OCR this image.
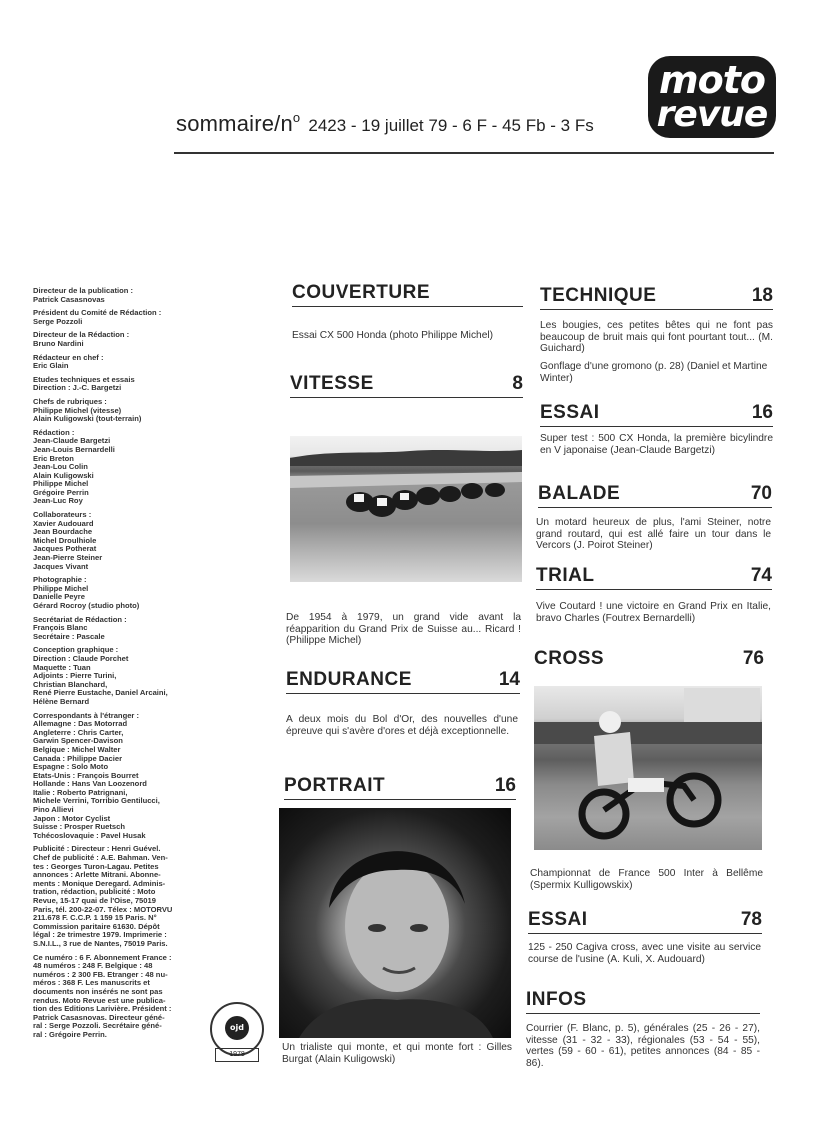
moto
revue
sommaire/$n^o$ 2423 - 19 juillet 79 - 6 F - 45 Fb - 3 Fs
Directeur de la publication :
Patrick Casasnovas
Président du Comité de Rédaction :
Serge Pozzoli
Directeur de la Rédaction :
Bruno Nardini
Rédacteur en chef :
Eric Glain
Etudes techniques et essais
Direction : J.-C. Bargetzi
Chefs de rubriques :
Philippe Michel (vitesse)
Alain Kuligowski (tout-terrain)
Rédaction :
Jean-Claude Bargetzi
Jean-Louis Bernardelli
Eric Breton
Jean-Lou Colin
Alain Kuligowski
Philippe Michel
Grégoire Perrin
Jean-Luc Roy
Collaborateurs :
Xavier Audouard
Jean Bourdache
Michel Droulhiole
Jacques Potherat
Jean-Pierre Steiner
Jacques Vivant
Photographie :
Philippe Michel
Danielle Peyre
Gérard Rocroy (studio photo)
Secrétariat de Rédaction :
François Blanc
Secrétaire : Pascale
Conception graphique :
Direction : Claude Porchet
Maquette : Tuan
Adjoints : Pierre Turini,
Christian Blanchard,
René Pierre Eustache, Daniel Arcaini,
Hélène Bernard
Correspondants à l'étranger :
Allemagne : Das Motorrad
Angleterre : Chris Carter,
Garwin Spencer-Davison
Belgique : Michel Walter
Canada : Philippe Dacier
Espagne : Solo Moto
Etats-Unis : François Bourret
Hollande : Hans Van Loozenord
Italie : Roberto Patrignani,
Michele Verrini, Torribio Gentilucci,
Pino Allievi
Japon : Motor Cyclist
Suisse : Prosper Ruetsch
Tchécoslovaquie : Pavel Husak
Publicité : Directeur : Henri Guével.
Chef de publicité : A.E. Bahman. Ven-
tes : Georges Turon-Lagau. Petites
annonces : Arlette Mitrani. Abonne-
ments : Monique Deregard. Adminis-
tration, rédaction, publicité : Moto
Revue, 15-17 quai de l'Oise, 75019
Paris, tél. 200-22-07. Télex : MOTORVU
211.678 F. C.C.P. 1 159 15 Paris. N°
Commission paritaire 61630. Dépôt
légal : 2e trimestre 1979. Imprimerie :
S.N.I.L., 3 rue de Nantes, 75019 Paris.
Ce numéro : 6 F. Abonnement France :
48 numéros : 248 F. Belgique : 48
numéros : 2 300 FB. Etranger : 48 nu-
méros : 368 F. Les manuscrits et
documents non insérés ne sont pas
rendus. Moto Revue est une publica-
tion des Editions Larivière. Président :
Patrick Casasnovas. Directeur géné-
ral : Serge Pozzoli. Secrétaire géné-
ral : Grégoire Perrin.
ojd
1978
COUVERTURE
Essai CX 500 Honda (photo Philippe Michel)
VITESSE	8
De 1954 à 1979, un grand vide avant la réapparition du Grand Prix de Suisse au... Ricard ! (Philippe Michel)
ENDURANCE	14
A deux mois du Bol d'Or, des nouvelles d'une épreuve qui s'avère d'ores et déjà exceptionnelle.
PORTRAIT	16
Un trialiste qui monte, et qui monte fort : Gilles Burgat (Alain Kuligowski)
TECHNIQUE	18
Les bougies, ces petites bêtes qui ne font pas beaucoup de bruit mais qui font pourtant tout... (M. Guichard)
Gonflage d'une gromono (p. 28) (Daniel et Martine Winter)
ESSAI	16
Super test : 500 CX Honda, la première bicylindre en V japonaise (Jean-Claude Bargetzi)
BALADE	70
Un motard heureux de plus, l'ami Steiner, notre grand routard, qui est allé faire un tour dans le Vercors (J. Poirot Steiner)
TRIAL	74
Vive Coutard ! une victoire en Grand Prix en Italie, bravo Charles (Foutrex Bernardelli)
CROSS	76
Championnat de France 500 Inter à Bellême (Spermix Kulligowskix)
ESSAI	78
125 - 250 Cagiva cross, avec une visite au service course de l'usine (A. Kuli, X. Audouard)
INFOS
Courrier (F. Blanc, p. 5), générales (25 - 26 - 27), vitesse (31 - 32 - 33), régionales (53 - 54 - 55), vertes (59 - 60 - 61), petites annonces (84 - 85 - 86).
